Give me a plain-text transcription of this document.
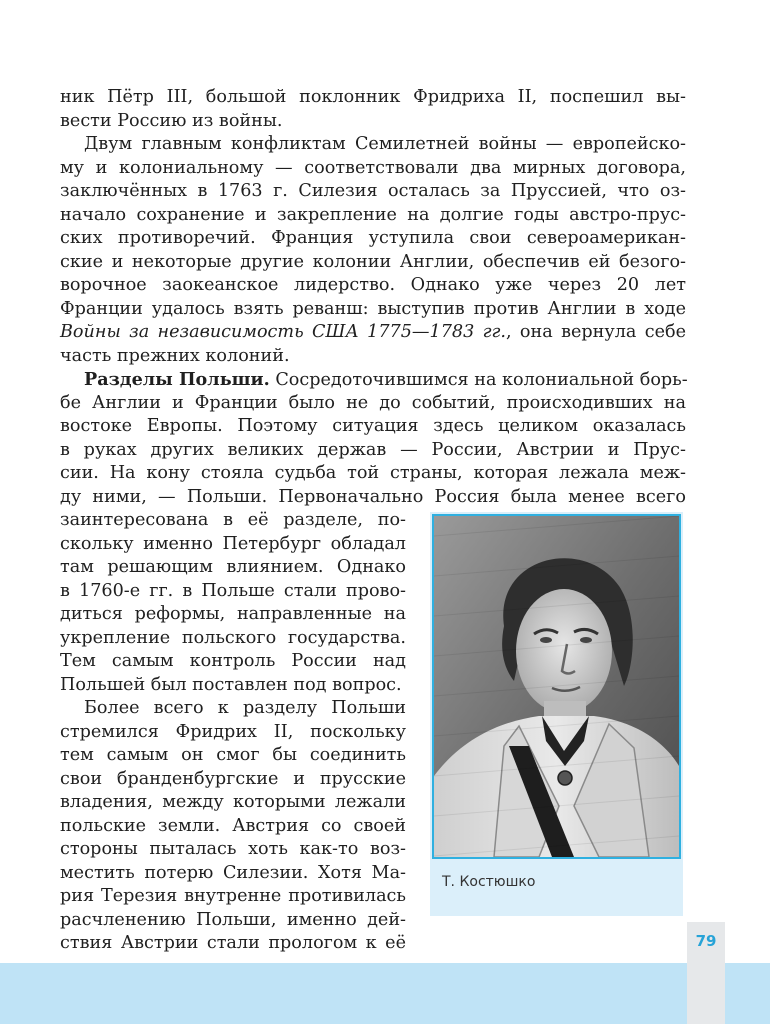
ник Пётр III, большой поклонник Фридриха II, поспешил вы-
вести Россию из войны.
Двум главным конфликтам Семилетней войны — европейско-
му и колониальному — соответствовали два мирных договора,
заключённых в 1763 г. Силезия осталась за Пруссией, что оз-
начало сохранение и закрепление на долгие годы австро-прус-
ских противоречий. Франция уступила свои североамерикан-
ские и некоторые другие колонии Англии, обеспечив ей безого-
ворочное заокеанское лидерство. Однако уже через 20 лет
Франции удалось взять реванш: выступив против Англии в ходе
Войны за независимость США 1775—1783 гг., она вернула себе
часть прежних колоний.
Разделы Польши. Сосредоточившимся на колониальной борь-
бе Англии и Франции было не до событий, происходивших на
востоке Европы. Поэтому ситуация здесь целиком оказалась
в руках других великих держав — России, Австрии и Прус-
сии. На кону стояла судьба той страны, которая лежала меж-
ду ними, — Польши. Первоначально Россия была менее всего
заинтересована в её разделе, по-
скольку именно Петербург обладал
там решающим влиянием. Однако
в 1760-е гг. в Польше стали прово-
диться реформы, направленные на
укрепление польского государства.
Тем самым контроль России над
Польшей был поставлен под вопрос.
Более всего к разделу Польши
стремился Фридрих II, поскольку
тем самым он смог бы соединить
свои бранденбургские и прусские
владения, между которыми лежали
польские земли. Австрия со своей
стороны пыталась хоть как-то воз-
местить потерю Силезии. Хотя Ма-
рия Терезия внутренне противилась
расчленению Польши, именно дей-
ствия Австрии стали прологом к её
Т. Костюшко
79
